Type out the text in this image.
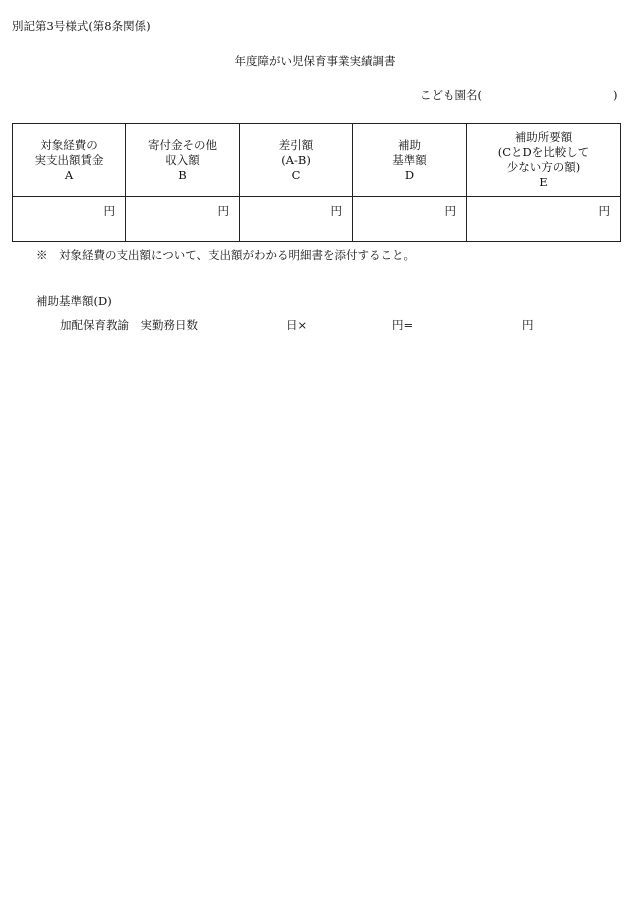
別記第3号様式(第8条関係)
年度障がい児保育事業実績調書
こども園名(	)
対象経費の
実支出額賃金
A	寄付金その他
収入額
B	差引額
(A-B)
C	補助
基準額
D	補助所要額
(CとDを比較して
少ない方の額)
E

円	円	円	円	円
※　対象経費の支出額について、支出額がわかる明細書を添付すること。
補助基準額(D)
加配保育教諭　実勤務日数	日×	円=	円
